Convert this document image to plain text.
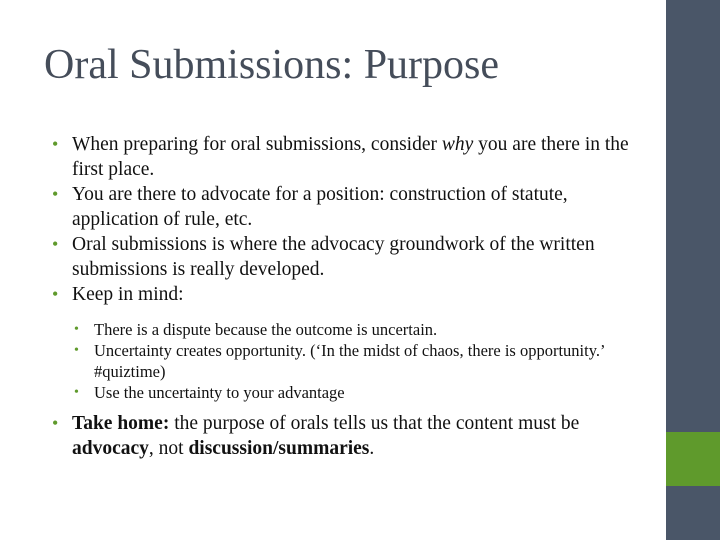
Oral Submissions: Purpose
• When preparing for oral submissions, consider why you are there in the first place.
• You are there to advocate for a position: construction of statute, application of rule, etc.
• Oral submissions is where the advocacy groundwork of the written submissions is really developed.
• Keep in mind:
• There is a dispute because the outcome is uncertain.
• Uncertainty creates opportunity. (‘In the midst of chaos, there is opportunity.’ #quiztime)
• Use the uncertainty to your advantage
• Take home: the purpose of orals tells us that the content must be advocacy, not discussion/summaries.
